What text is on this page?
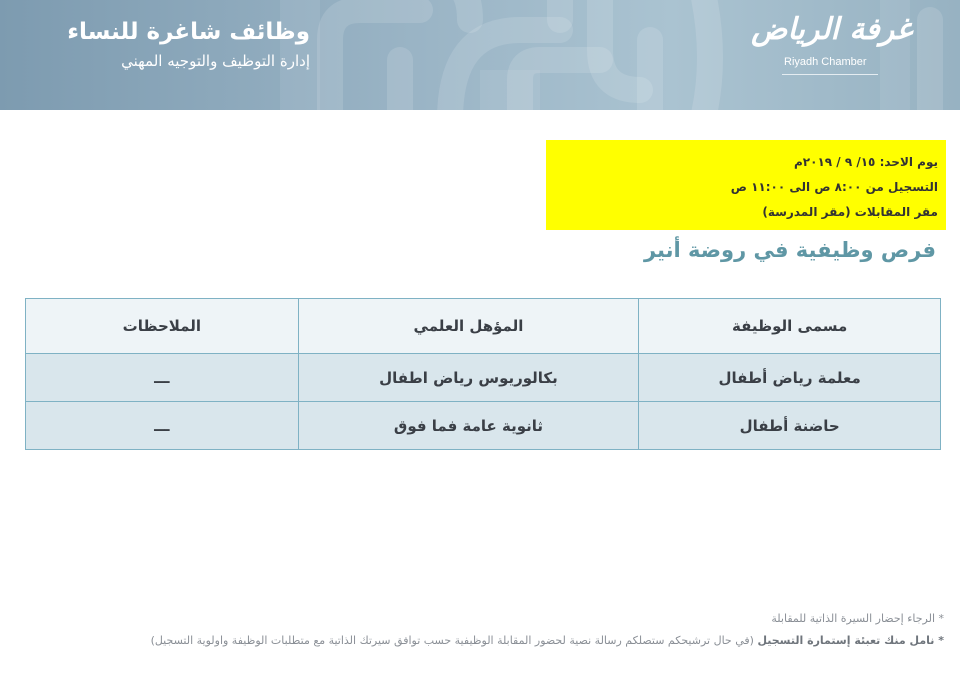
وظائف شاغرة للنساء
إدارة التوظيف والتوجيه المهني
غرفة الرياض
Riyadh Chamber
يوم الاحد: ١٥/ ٩ / ٢٠١٩م
التسجيل من ٨:٠٠ ص الى ١١:٠٠ ص
مقر المقابلات (مقر المدرسة)
فرص وظيفية في روضة أنير
مسمى الوظيفة	المؤهل العلمي	الملاحظات
معلمة رياض أطفال	بكالوريوس رياض اطفال	ـــ
حاضنة أطفال	ثانوية عامة فما فوق	ـــ
* الرجاء إحضار السيرة الذاتية للمقابلة
* نامل منك تعبئة إستمارة التسجيل (في حال ترشيحكم ستصلكم رسالة نصية لحضور المقابلة الوظيفية حسب توافق سيرتك الذاتية مع متطلبات الوظيفة واولوية التسجيل)
